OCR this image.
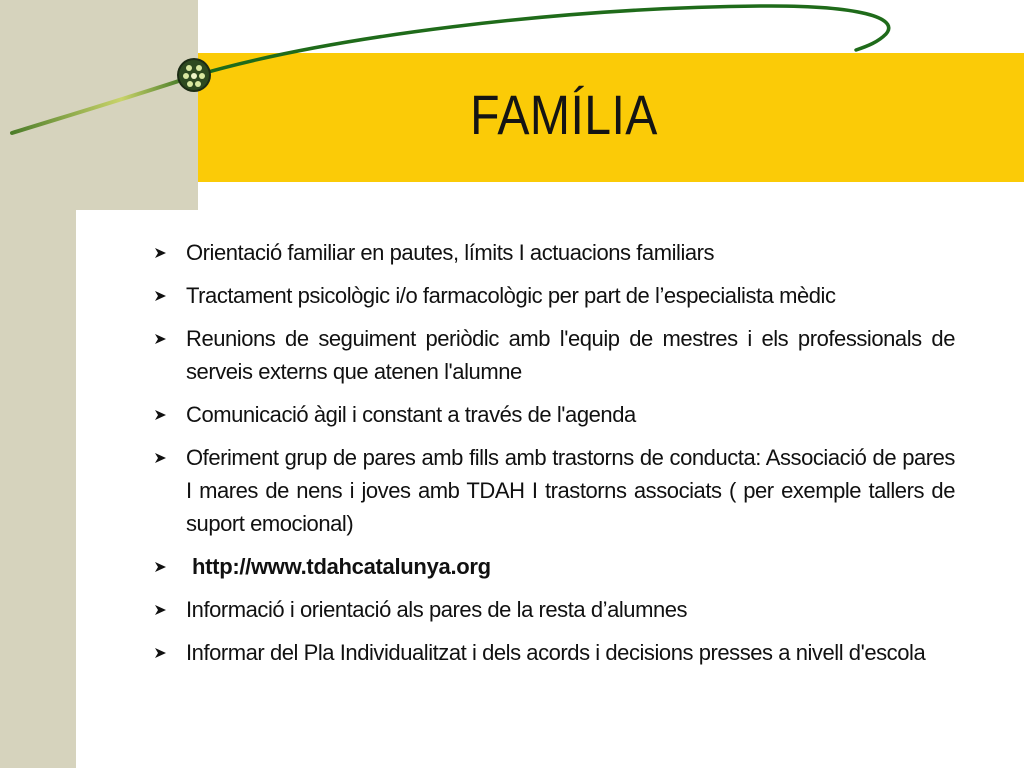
FAMÍLIA
Orientació familiar en pautes, límits I actuacions familiars
Tractament psicològic i/o farmacològic per part de l’especialista mèdic
Reunions de seguiment periòdic amb l'equip de mestres i els professionals de serveis externs que atenen l'alumne
Comunicació àgil i constant a través de l'agenda
Oferiment grup de pares amb fills amb trastorns de conducta: Associació de pares I mares de nens i joves amb TDAH I trastorns associats ( per exemple tallers de suport emocional)
http://www.tdahcatalunya.org
Informació i orientació als pares de la resta d’alumnes
Informar del Pla Individualitzat i dels acords i decisions presses a nivell d'escola
